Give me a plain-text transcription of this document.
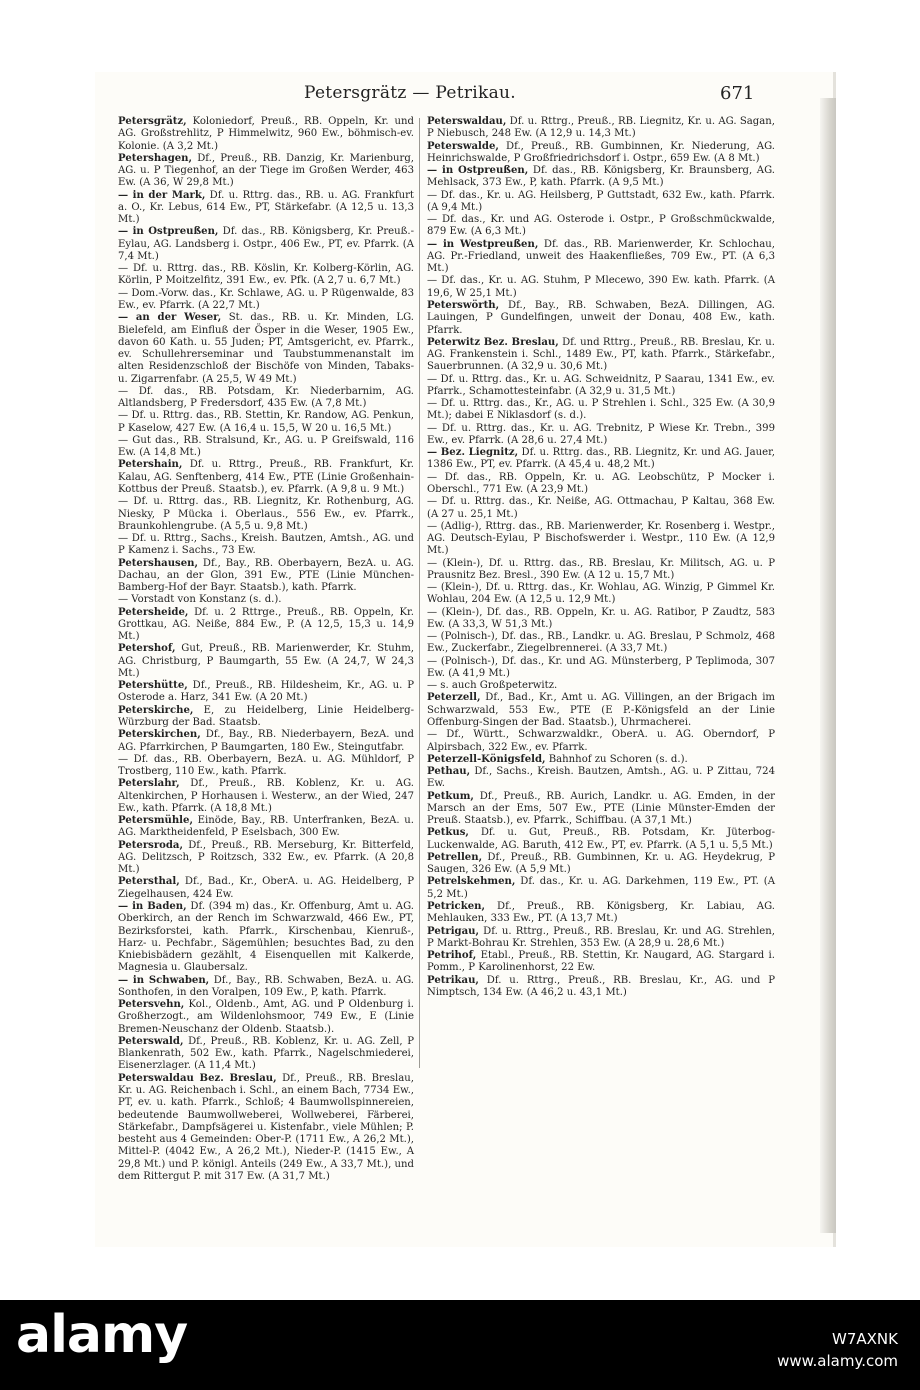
Petersgrätz — Petrikau.	671

Petersgrätz, Koloniedorf, Preuß., RB. Oppeln, Kr. und AG. Großstrehlitz, P Himmelwitz, 960 Ew., böhmisch-ev. Kolonie. (A 3,2 Mt.)

Petershagen, Df., Preuß., RB. Danzig, Kr. Marienburg, AG. u. P Tiegenhof, an der Tiege im Großen Werder, 463 Ew. (A 36, W 29,8 Mt.)

— in der Mark, Df. u. Rttrg. das., RB. u. AG. Frankfurt a. O., Kr. Lebus, 614 Ew., PT, Stärkefabr. (A 12,5 u. 13,3 Mt.)

— in Ostpreußen, Df. das., RB. Königsberg, Kr. Preuß.-Eylau, AG. Landsberg i. Ostpr., 406 Ew., PT, ev. Pfarrk. (A 7,4 Mt.)

— Df. u. Rttrg. das., RB. Köslin, Kr. Kolberg-Körlin, AG. Körlin, P Moitzelfitz, 391 Ew., ev. Pfk. (A 2,7 u. 6,7 Mt.)

— Dom.-Vorw. das., Kr. Schlawe, AG. u. P Rügenwalde, 83 Ew., ev. Pfarrk. (A 22,7 Mt.)

— an der Weser, St. das., RB. u. Kr. Minden, LG. Bielefeld, am Einfluß der Ösper in die Weser, 1905 Ew., davon 60 Kath. u. 55 Juden; PT, Amtsgericht, ev. Pfarrk., ev. Schullehrerseminar und Taubstummenanstalt im alten Residenzschloß der Bischöfe von Minden, Tabaks- u. Zigarrenfabr. (A 25,5, W 49 Mt.)

— Df. das., RB. Potsdam, Kr. Niederbarnim, AG. Altlandsberg, P Fredersdorf, 435 Ew. (A 7,8 Mt.)

— Df. u. Rttrg. das., RB. Stettin, Kr. Randow, AG. Penkun, P Kaselow, 427 Ew. (A 16,4 u. 15,5, W 20 u. 16,5 Mt.)

— Gut das., RB. Stralsund, Kr., AG. u. P Greifswald, 116 Ew. (A 14,8 Mt.)

Petershain, Df. u. Rttrg., Preuß., RB. Frankfurt, Kr. Kalau, AG. Senftenberg, 414 Ew., PTE (Linie Großenhain-Kottbus der Preuß. Staatsb.), ev. Pfarrk. (A 9,8 u. 9 Mt.)

— Df. u. Rttrg. das., RB. Liegnitz, Kr. Rothenburg, AG. Niesky, P Mücka i. Oberlaus., 556 Ew., ev. Pfarrk., Braunkohlengrube. (A 5,5 u. 9,8 Mt.)

— Df. u. Rttrg., Sachs., Kreish. Bautzen, Amtsh., AG. und P Kamenz i. Sachs., 73 Ew.

Petershausen, Df., Bay., RB. Oberbayern, BezA. u. AG. Dachau, an der Glon, 391 Ew., PTE (Linie München-Bamberg-Hof der Bayr. Staatsb.), kath. Pfarrk.

— Vorstadt von Konstanz (s. d.).

Petersheide, Df. u. 2 Rttrge., Preuß., RB. Oppeln, Kr. Grottkau, AG. Neiße, 884 Ew., P. (A 12,5, 15,3 u. 14,9 Mt.)

Petershof, Gut, Preuß., RB. Marienwerder, Kr. Stuhm, AG. Christburg, P Baumgarth, 55 Ew. (A 24,7, W 24,3 Mt.)

Petershütte, Df., Preuß., RB. Hildesheim, Kr., AG. u. P Osterode a. Harz, 341 Ew. (A 20 Mt.)

Peterskirche, E, zu Heidelberg, Linie Heidelberg-Würzburg der Bad. Staatsb.

Peterskirchen, Df., Bay., RB. Niederbayern, BezA. und AG. Pfarrkirchen, P Baumgarten, 180 Ew., Steingutfabr.

— Df. das., RB. Oberbayern, BezA. u. AG. Mühldorf, P Trostberg, 110 Ew., kath. Pfarrk.

Peterslahr, Df., Preuß., RB. Koblenz, Kr. u. AG. Altenkirchen, P Horhausen i. Westerw., an der Wied, 247 Ew., kath. Pfarrk. (A 18,8 Mt.)

Petersmühle, Einöde, Bay., RB. Unterfranken, BezA. u. AG. Marktheidenfeld, P Eselsbach, 300 Ew.

Petersroda, Df., Preuß., RB. Merseburg, Kr. Bitterfeld, AG. Delitzsch, P Roitzsch, 332 Ew., ev. Pfarrk. (A 20,8 Mt.)

Petersthal, Df., Bad., Kr., OberA. u. AG. Heidelberg, P Ziegelhausen, 424 Ew.

— in Baden, Df. (394 m) das., Kr. Offenburg, Amt u. AG. Oberkirch, an der Rench im Schwarzwald, 466 Ew., PT, Bezirksforstei, kath. Pfarrk., Kirschenbau, Kienruß-, Harz- u. Pechfabr., Sägemühlen; besuchtes Bad, zu den Kniebisbädern gezählt, 4 Eisenquellen mit Kalkerde, Magnesia u. Glaubersalz.

— in Schwaben, Df., Bay., RB. Schwaben, BezA. u. AG. Sonthofen, in den Voralpen, 109 Ew., P, kath. Pfarrk.

Petersvehn, Kol., Oldenb., Amt, AG. und P Oldenburg i. Großherzogt., am Wildenlohsmoor, 749 Ew., E (Linie Bremen-Neuschanz der Oldenb. Staatsb.).

Peterswald, Df., Preuß., RB. Koblenz, Kr. u. AG. Zell, P Blankenrath, 502 Ew., kath. Pfarrk., Nagelschmiederei, Eisenerzlager. (A 11,4 Mt.)

Peterswaldau Bez. Breslau, Df., Preuß., RB. Breslau, Kr. u. AG. Reichenbach i. Schl., an einem Bach, 7734 Ew., PT, ev. u. kath. Pfarrk., Schloß; 4 Baumwollspinnereien, bedeutende Baumwollweberei, Wollweberei, Färberei, Stärkefabr., Dampfsägerei u. Kistenfabr., viele Mühlen; P. besteht aus 4 Gemeinden: Ober-P. (1711 Ew., A 26,2 Mt.), Mittel-P. (4042 Ew., A 26,2 Mt.), Nieder-P. (1415 Ew., A 29,8 Mt.) und P. königl. Anteils (249 Ew., A 33,7 Mt.), und dem Rittergut P. mit 317 Ew. (A 31,7 Mt.)

Peterswaldau, Df. u. Rttrg., Preuß., RB. Liegnitz, Kr. u. AG. Sagan, P Niebusch, 248 Ew. (A 12,9 u. 14,3 Mt.)

Peterswalde, Df., Preuß., RB. Gumbinnen, Kr. Niederung, AG. Heinrichswalde, P Großfriedrichsdorf i. Ostpr., 659 Ew. (A 8 Mt.)

— in Ostpreußen, Df. das., RB. Königsberg, Kr. Braunsberg, AG. Mehlsack, 373 Ew., P, kath. Pfarrk. (A 9,5 Mt.)

— Df. das., Kr. u. AG. Heilsberg, P Guttstadt, 632 Ew., kath. Pfarrk. (A 9,4 Mt.)

— Df. das., Kr. und AG. Osterode i. Ostpr., P Großschmückwalde, 879 Ew. (A 6,3 Mt.)

— in Westpreußen, Df. das., RB. Marienwerder, Kr. Schlochau, AG. Pr.-Friedland, unweit des Haakenfließes, 709 Ew., PT. (A 6,3 Mt.)

— Df. das., Kr. u. AG. Stuhm, P Mlecewo, 390 Ew. kath. Pfarrk. (A 19,6, W 25,1 Mt.)

Peterswörth, Df., Bay., RB. Schwaben, BezA. Dillingen, AG. Lauingen, P Gundelfingen, unweit der Donau, 408 Ew., kath. Pfarrk.

Peterwitz Bez. Breslau, Df. und Rttrg., Preuß., RB. Breslau, Kr. u. AG. Frankenstein i. Schl., 1489 Ew., PT, kath. Pfarrk., Stärkefabr., Sauerbrunnen. (A 32,9 u. 30,6 Mt.)

— Df. u. Rttrg. das., Kr. u. AG. Schweidnitz, P Saarau, 1341 Ew., ev. Pfarrk., Schamottesteinfabr. (A 32,9 u. 31,5 Mt.)

— Df. u. Rttrg. das., Kr., AG. u. P Strehlen i. Schl., 325 Ew. (A 30,9 Mt.); dabei E Niklasdorf (s. d.).

— Df. u. Rttrg. das., Kr. u. AG. Trebnitz, P Wiese Kr. Trebn., 399 Ew., ev. Pfarrk. (A 28,6 u. 27,4 Mt.)

— Bez. Liegnitz, Df. u. Rttrg. das., RB. Liegnitz, Kr. und AG. Jauer, 1386 Ew., PT, ev. Pfarrk. (A 45,4 u. 48,2 Mt.)

— Df. das., RB. Oppeln, Kr. u. AG. Leobschütz, P Mocker i. Oberschl., 771 Ew. (A 23,9 Mt.)

— Df. u. Rttrg. das., Kr. Neiße, AG. Ottmachau, P Kaltau, 368 Ew. (A 27 u. 25,1 Mt.)

— (Adlig-), Rttrg. das., RB. Marienwerder, Kr. Rosenberg i. Westpr., AG. Deutsch-Eylau, P Bischofswerder i. Westpr., 110 Ew. (A 12,9 Mt.)

— (Klein-), Df. u. Rttrg. das., RB. Breslau, Kr. Militsch, AG. u. P Prausnitz Bez. Bresl., 390 Ew. (A 12 u. 15,7 Mt.)

— (Klein-), Df. u. Rttrg. das., Kr. Wohlau, AG. Winzig, P Gimmel Kr. Wohlau, 204 Ew. (A 12,5 u. 12,9 Mt.)

— (Klein-), Df. das., RB. Oppeln, Kr. u. AG. Ratibor, P Zaudtz, 583 Ew. (A 33,3, W 51,3 Mt.)

— (Polnisch-), Df. das., RB., Landkr. u. AG. Breslau, P Schmolz, 468 Ew., Zuckerfabr., Ziegelbrennerei. (A 33,7 Mt.)

— (Polnisch-), Df. das., Kr. und AG. Münsterberg, P Teplimoda, 307 Ew. (A 41,9 Mt.)

— s. auch Großpeterwitz.

Peterzell, Df., Bad., Kr., Amt u. AG. Villingen, an der Brigach im Schwarzwald, 553 Ew., PTE (E P.-Königsfeld an der Linie Offenburg-Singen der Bad. Staatsb.), Uhrmacherei.

— Df., Württ., Schwarzwaldkr., OberA. u. AG. Oberndorf, P Alpirsbach, 322 Ew., ev. Pfarrk.

Peterzell-Königsfeld, Bahnhof zu Schoren (s. d.).

Pethau, Df., Sachs., Kreish. Bautzen, Amtsh., AG. u. P Zittau, 724 Ew.

Petkum, Df., Preuß., RB. Aurich, Landkr. u. AG. Emden, in der Marsch an der Ems, 507 Ew., PTE (Linie Münster-Emden der Preuß. Staatsb.), ev. Pfarrk., Schiffbau. (A 37,1 Mt.)

Petkus, Df. u. Gut, Preuß., RB. Potsdam, Kr. Jüterbog-Luckenwalde, AG. Baruth, 412 Ew., PT, ev. Pfarrk. (A 5,1 u. 5,5 Mt.)

Petrellen, Df., Preuß., RB. Gumbinnen, Kr. u. AG. Heydekrug, P Saugen, 326 Ew. (A 5,9 Mt.)

Petrelskehmen, Df. das., Kr. u. AG. Darkehmen, 119 Ew., PT. (A 5,2 Mt.)

Petricken, Df., Preuß., RB. Königsberg, Kr. Labiau, AG. Mehlauken, 333 Ew., PT. (A 13,7 Mt.)

Petrigau, Df. u. Rttrg., Preuß., RB. Breslau, Kr. und AG. Strehlen, P Markt-Bohrau Kr. Strehlen, 353 Ew. (A 28,9 u. 28,6 Mt.)

Petrihof, Etabl., Preuß., RB. Stettin, Kr. Naugard, AG. Stargard i. Pomm., P Karolinenhorst, 22 Ew.

Petrikau, Df. u. Rttrg., Preuß., RB. Breslau, Kr., AG. und P Nimptsch, 134 Ew. (A 46,2 u. 43,1 Mt.)

alamy	W7AXNK
www.alamy.com
